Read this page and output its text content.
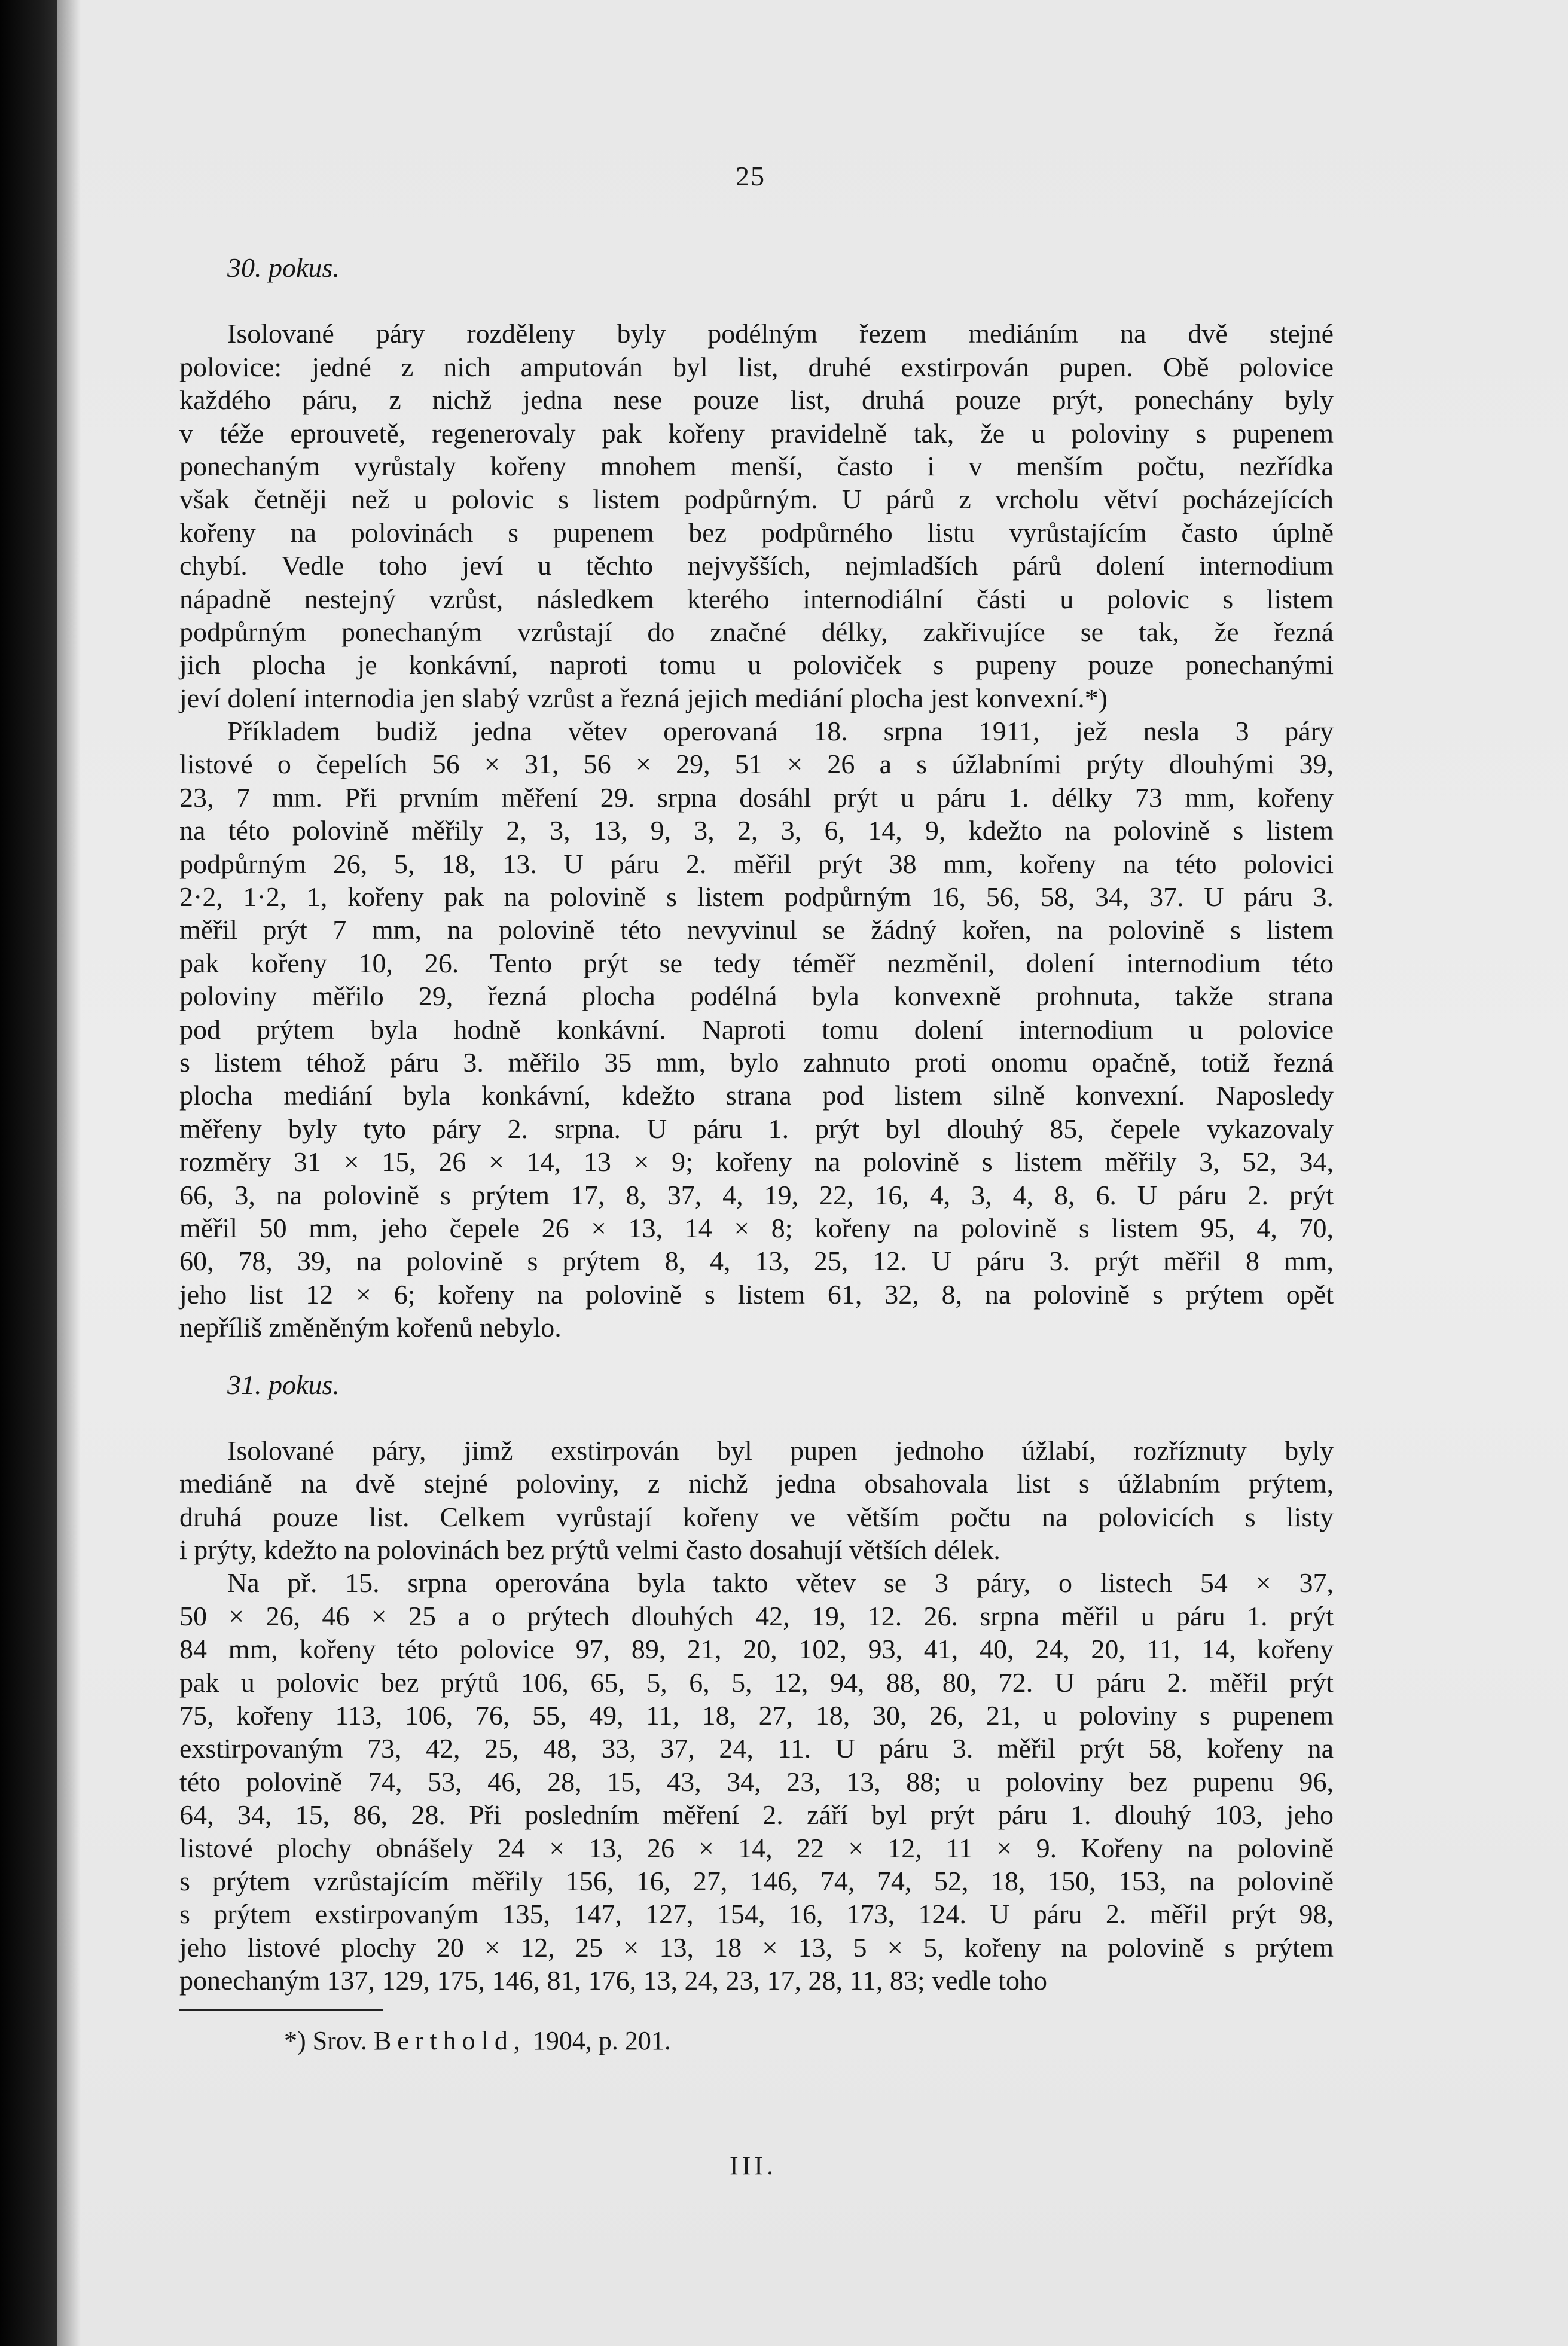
25
30. pokus.
Isolované páry rozděleny byly podélným řezem mediáním na dvě stejné
polovice: jedné z nich amputován byl list, druhé exstirpován pupen. Obě polovice
každého páru, z nichž jedna nese pouze list, druhá pouze prýt, ponechány byly
v téže eprouvetě, regenerovaly pak kořeny pravidelně tak, že u poloviny s pupenem
ponechaným vyrůstaly kořeny mnohem menší, často i v menším počtu, nezřídka
však četněji než u polovic s listem podpůrným. U párů z vrcholu větví pocházejících
kořeny na polovinách s pupenem bez podpůrného listu vyrůstajícím často úplně
chybí. Vedle toho jeví u těchto nejvyšších, nejmladších párů dolení internodium
nápadně nestejný vzrůst, následkem kterého internodiální části u polovic s listem
podpůrným ponechaným vzrůstají do značné délky, zakřivujíce se tak, že řezná
jich plocha je konkávní, naproti tomu u poloviček s pupeny pouze ponechanými
jeví dolení internodia jen slabý vzrůst a řezná jejich mediání plocha jest konvexní.*)
Příkladem budiž jedna větev operovaná 18. srpna 1911, jež nesla 3 páry
listové o čepelích 56 × 31, 56 × 29, 51 × 26 a s úžlabními prýty dlouhými 39,
23, 7 mm. Při prvním měření 29. srpna dosáhl prýt u páru 1. délky 73 mm, kořeny
na této polovině měřily 2, 3, 13, 9, 3, 2, 3, 6, 14, 9, kdežto na polovině s listem
podpůrným 26, 5, 18, 13. U páru 2. měřil prýt 38 mm, kořeny na této polovici
2·2, 1·2, 1, kořeny pak na polovině s listem podpůrným 16, 56, 58, 34, 37. U páru 3.
měřil prýt 7 mm, na polovině této nevyvinul se žádný kořen, na polovině s listem
pak kořeny 10, 26. Tento prýt se tedy téměř nezměnil, dolení internodium této
poloviny měřilo 29, řezná plocha podélná byla konvexně prohnuta, takže strana
pod prýtem byla hodně konkávní. Naproti tomu dolení internodium u polovice
s listem téhož páru 3. měřilo 35 mm, bylo zahnuto proti onomu opačně, totiž řezná
plocha mediání byla konkávní, kdežto strana pod listem silně konvexní. Naposledy
měřeny byly tyto páry 2. srpna. U páru 1. prýt byl dlouhý 85, čepele vykazovaly
rozměry 31 × 15, 26 × 14, 13 × 9; kořeny na polovině s listem měřily 3, 52, 34,
66, 3, na polovině s prýtem 17, 8, 37, 4, 19, 22, 16, 4, 3, 4, 8, 6. U páru 2. prýt
měřil 50 mm, jeho čepele 26 × 13, 14 × 8; kořeny na polovině s listem 95, 4, 70,
60, 78, 39, na polovině s prýtem 8, 4, 13, 25, 12. U páru 3. prýt měřil 8 mm,
jeho list 12 × 6; kořeny na polovině s listem 61, 32, 8, na polovině s prýtem opět
nepříliš změněným kořenů nebylo.
31. pokus.
Isolované páry, jimž exstirpován byl pupen jednoho úžlabí, rozříznuty byly
mediáně na dvě stejné poloviny, z nichž jedna obsahovala list s úžlabním prýtem,
druhá pouze list. Celkem vyrůstají kořeny ve větším počtu na polovicích s listy
i prýty, kdežto na polovinách bez prýtů velmi často dosahují větších délek.
Na př. 15. srpna operována byla takto větev se 3 páry, o listech 54 × 37,
50 × 26, 46 × 25 a o prýtech dlouhých 42, 19, 12. 26. srpna měřil u páru 1. prýt
84 mm, kořeny této polovice 97, 89, 21, 20, 102, 93, 41, 40, 24, 20, 11, 14, kořeny
pak u polovic bez prýtů 106, 65, 5, 6, 5, 12, 94, 88, 80, 72. U páru 2. měřil prýt
75, kořeny 113, 106, 76, 55, 49, 11, 18, 27, 18, 30, 26, 21, u poloviny s pupenem
exstirpovaným 73, 42, 25, 48, 33, 37, 24, 11. U páru 3. měřil prýt 58, kořeny na
této polovině 74, 53, 46, 28, 15, 43, 34, 23, 13, 88; u poloviny bez pupenu 96,
64, 34, 15, 86, 28. Při posledním měření 2. září byl prýt páru 1. dlouhý 103, jeho
listové plochy obnášely 24 × 13, 26 × 14, 22 × 12, 11 × 9. Kořeny na polovině
s prýtem vzrůstajícím měřily 156, 16, 27, 146, 74, 74, 52, 18, 150, 153, na polovině
s prýtem exstirpovaným 135, 147, 127, 154, 16, 173, 124. U páru 2. měřil prýt 98,
jeho listové plochy 20 × 12, 25 × 13, 18 × 13, 5 × 5, kořeny na polovině s prýtem
ponechaným 137, 129, 175, 146, 81, 176, 13, 24, 23, 17, 28, 11, 83; vedle toho
*) Srov. Berthold, 1904, p. 201.
III.
